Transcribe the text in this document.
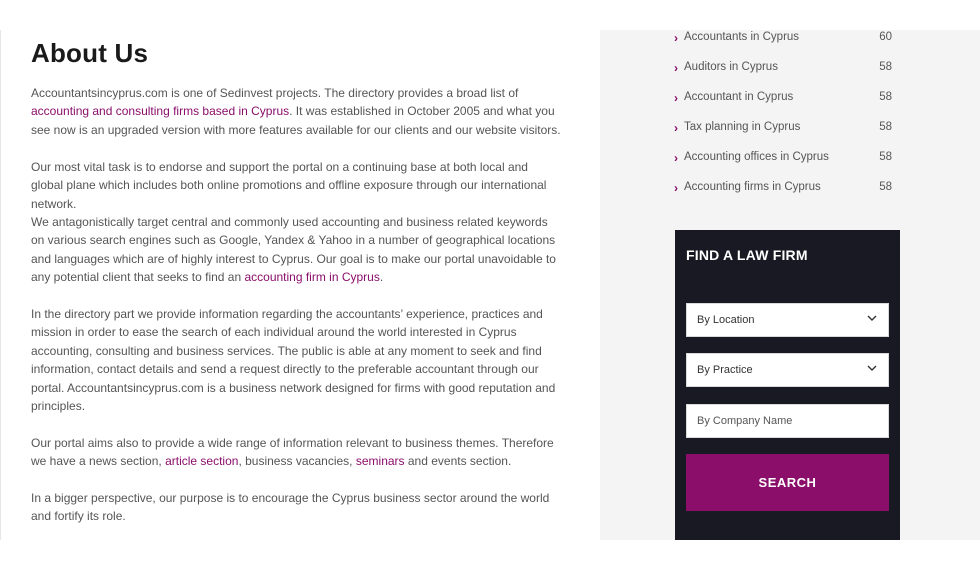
About Us

Accountantsincyprus.com is one of Sedinvest projects. The directory provides a broad list of accounting and consulting firms based in Cyprus. It was established in October 2005 and what you see now is an upgraded version with more features available for our clients and our website visitors.

Our most vital task is to endorse and support the portal on a continuing base at both local and global plane which includes both online promotions and offline exposure through our international network.

We antagonistically target central and commonly used accounting and business related keywords on various search engines such as Google, Yandex & Yahoo in a number of geographical locations and languages which are of highly interest to Cyprus. Our goal is to make our portal unavoidable to any potential client that seeks to find an accounting firm in Cyprus.

In the directory part we provide information regarding the accountants’ experience, practices and mission in order to ease the search of each individual around the world interested in Cyprus accounting, consulting and business services. The public is able at any moment to seek and find information, contact details and send a request directly to the preferable accountant through our portal. Accountantsincyprus.com is a business network designed for firms with good reputation and principles.

Our portal aims also to provide a wide range of information relevant to business themes. Therefore we have a news section, article section, business vacancies, seminars and events section.

In a bigger perspective, our purpose is to encourage the Cyprus business sector around the world and fortify its role.

› Accountants in Cyprus	60
› Auditors in Cyprus	58
› Accountant in Cyprus	58
› Tax planning in Cyprus	58
› Accounting offices in Cyprus	58
› Accounting firms in Cyprus	58
FIND A LAW FIRM
By Location
By Practice
By Company Name
SEARCH
